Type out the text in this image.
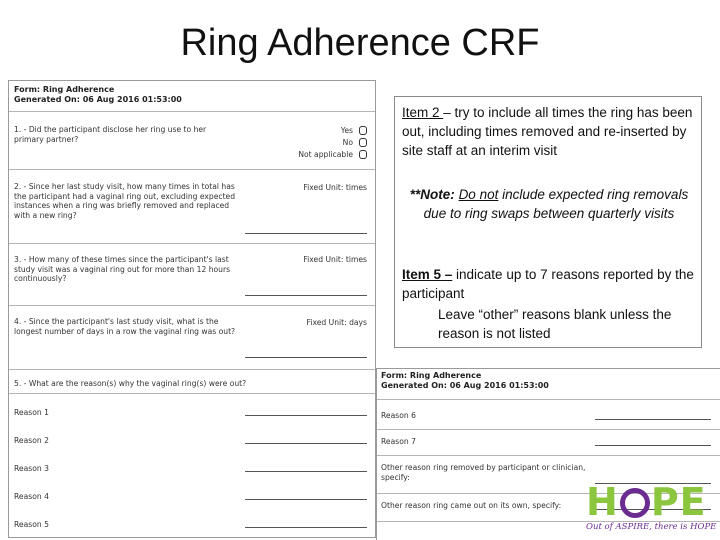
Ring Adherence CRF
Form: Ring Adherence
Generated On: 06 Aug 2016 01:53:00
1. - Did the participant disclose her ring use to her primary partner?
Yes
No
Not applicable
2. - Since her last study visit, how many times in total has the participant had a vaginal ring out, excluding expected instances when a ring was briefly removed and replaced with a new ring?
Fixed Unit: times
3. - How many of these times since the participant's last study visit was a vaginal ring out for more than 12 hours continuously?
Fixed Unit: times
4. - Since the participant's last study visit, what is the longest number of days in a row the vaginal ring was out?
Fixed Unit: days
5. - What are the reason(s) why the vaginal ring(s) were out?
Reason 1
Reason 2
Reason 3
Reason 4
Reason 5
Item 2 – try to include all times the ring has been out, including times removed and re-inserted by site staff at an interim visit
**Note: Do not include expected ring removals due to ring swaps between quarterly visits
Item 5 – indicate up to 7 reasons reported by the participant
Leave “other” reasons blank unless the reason is not listed
Form: Ring Adherence
Generated On: 06 Aug 2016 01:53:00
Reason 6
Reason 7
Other reason ring removed by participant or clinician, specify:
Other reason ring came out on its own, specify: H PE
Out of ASPIRE, there is HOPE
